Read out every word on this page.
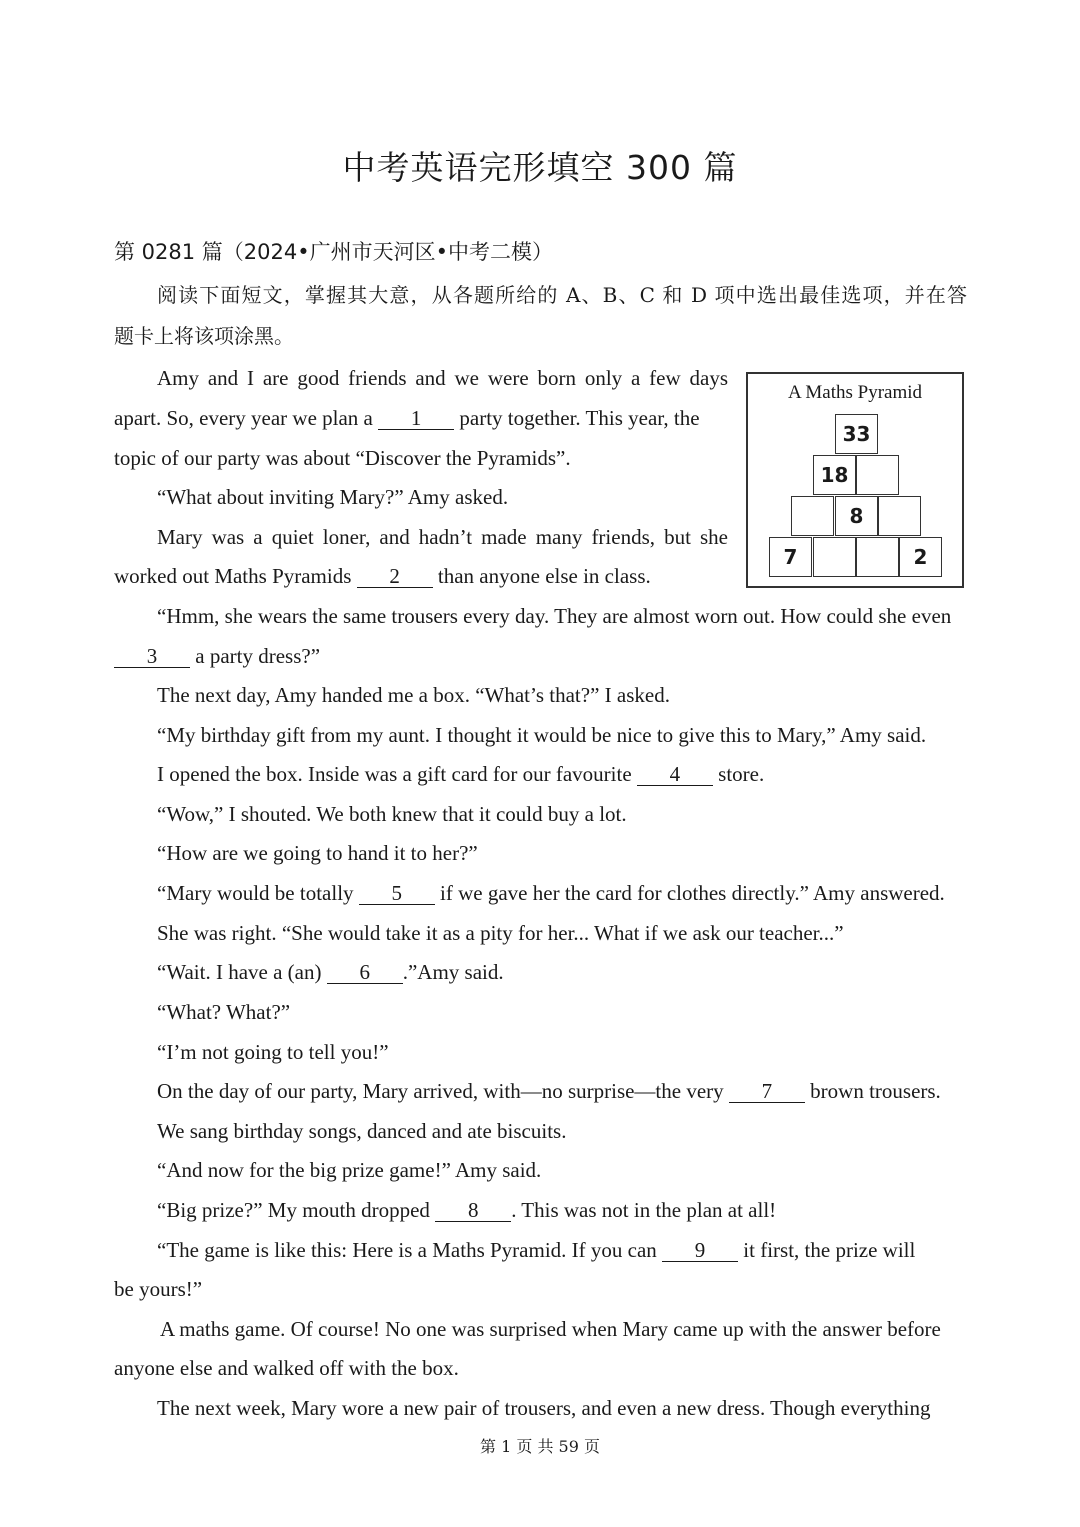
中考英语完形填空 300 篇
第 0281 篇（2024•广州市天河区•中考二模）
阅读下面短文，掌握其大意，从各题所给的 A、B、C 和 D 项中选出最佳选项，并在答
题卡上将该项涂黑。
A Maths Pyramid
33
18
8
7	2
Amy and I are good friends and we were born only a few days
apart. So, every year we plan a 1 party together. This year, the
topic of our party was about “Discover the Pyramids”.
“What about inviting Mary?” Amy asked.
Mary was a quiet loner, and hadn’t made many friends, but she
worked out Maths Pyramids 2 than anyone else in class.
“Hmm, she wears the same trousers every day. They are almost worn out. How could she even
3 a party dress?”
The next day, Amy handed me a box. “What’s that?” I asked.
“My birthday gift from my aunt. I thought it would be nice to give this to Mary,” Amy said.
I opened the box. Inside was a gift card for our favourite 4 store.
“Wow,” I shouted. We both knew that it could buy a lot.
“How are we going to hand it to her?”
“Mary would be totally 5 if we gave her the card for clothes directly.” Amy answered.
She was right. “She would take it as a pity for her... What if we ask our teacher...”
“Wait. I have a (an) 6 .”Amy said.
“What? What?”
“I’m not going to tell you!”
On the day of our party, Mary arrived, with—no surprise—the very 7 brown trousers.
We sang birthday songs, danced and ate biscuits.
“And now for the big prize game!” Amy said.
“Big prize?” My mouth dropped 8 . This was not in the plan at all!
“The game is like this: Here is a Maths Pyramid. If you can 9 it first, the prize will
be yours!”
A maths game. Of course! No one was surprised when Mary came up with the answer before
anyone else and walked off with the box.
The next week, Mary wore a new pair of trousers, and even a new dress. Though everything
第 1 页 共 59 页
